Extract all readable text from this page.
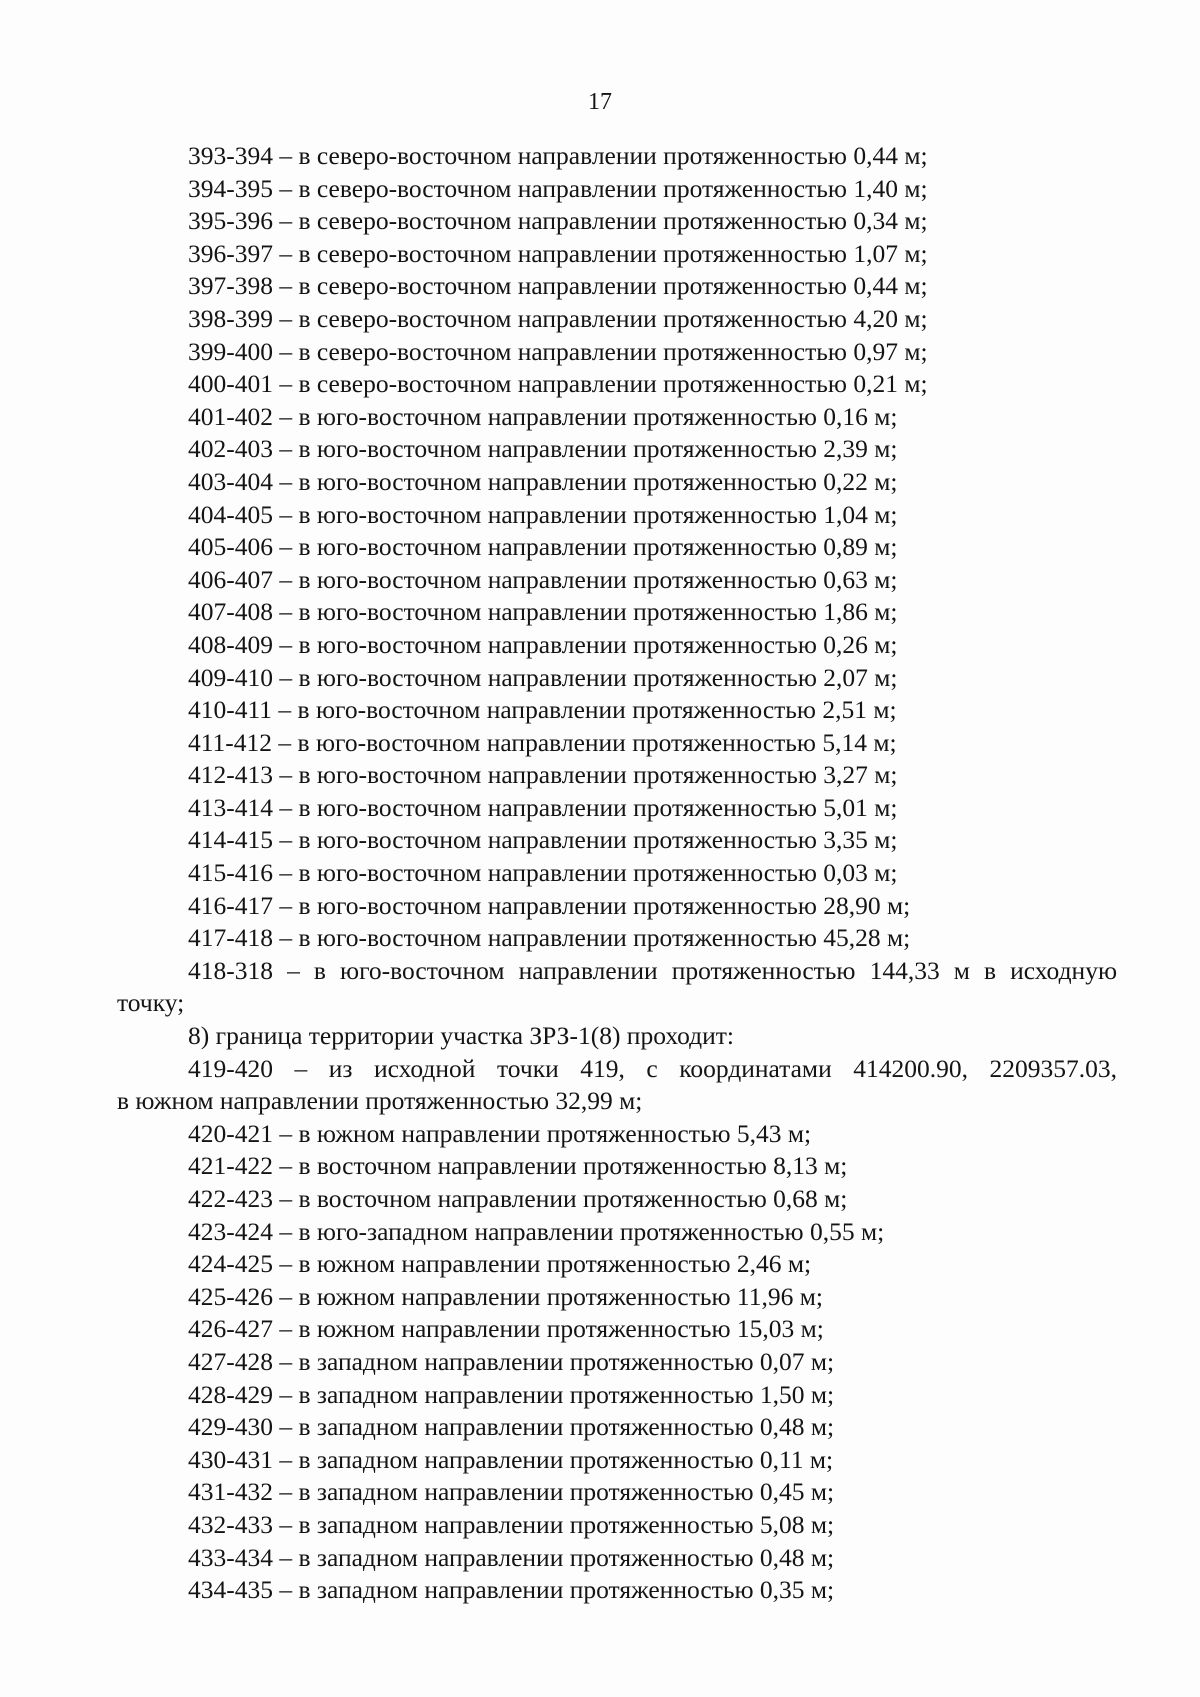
17
393-394 – в северо-восточном направлении протяженностью 0,44 м;
394-395 – в северо-восточном направлении протяженностью 1,40 м;
395-396 – в северо-восточном направлении протяженностью 0,34 м;
396-397 – в северо-восточном направлении протяженностью 1,07 м;
397-398 – в северо-восточном направлении протяженностью 0,44 м;
398-399 – в северо-восточном направлении протяженностью 4,20 м;
399-400 – в северо-восточном направлении протяженностью 0,97 м;
400-401 – в северо-восточном направлении протяженностью 0,21 м;
401-402 – в юго-восточном направлении протяженностью 0,16 м;
402-403 – в юго-восточном направлении протяженностью 2,39 м;
403-404 – в юго-восточном направлении протяженностью 0,22 м;
404-405 – в юго-восточном направлении протяженностью 1,04 м;
405-406 – в юго-восточном направлении протяженностью 0,89 м;
406-407 – в юго-восточном направлении протяженностью 0,63 м;
407-408 – в юго-восточном направлении протяженностью 1,86 м;
408-409 – в юго-восточном направлении протяженностью 0,26 м;
409-410 – в юго-восточном направлении протяженностью 2,07 м;
410-411 – в юго-восточном направлении протяженностью 2,51 м;
411-412 – в юго-восточном направлении протяженностью 5,14 м;
412-413 – в юго-восточном направлении протяженностью 3,27 м;
413-414 – в юго-восточном направлении протяженностью 5,01 м;
414-415 – в юго-восточном направлении протяженностью 3,35 м;
415-416 – в юго-восточном направлении протяженностью 0,03 м;
416-417 – в юго-восточном направлении протяженностью 28,90 м;
417-418 – в юго-восточном направлении протяженностью 45,28 м;
418-318 – в юго-восточном направлении протяженностью 144,33 м в исходную
точку;
8) граница территории участка ЗРЗ-1(8) проходит:
419-420 – из исходной точки 419, с координатами 414200.90, 2209357.03,
в южном направлении протяженностью 32,99 м;
420-421 – в южном направлении протяженностью 5,43 м;
421-422 – в восточном направлении протяженностью 8,13 м;
422-423 – в восточном направлении протяженностью 0,68 м;
423-424 – в юго-западном направлении протяженностью 0,55 м;
424-425 – в южном направлении протяженностью 2,46 м;
425-426 – в южном направлении протяженностью 11,96 м;
426-427 – в южном направлении протяженностью 15,03 м;
427-428 – в западном направлении протяженностью 0,07 м;
428-429 – в западном направлении протяженностью 1,50 м;
429-430 – в западном направлении протяженностью 0,48 м;
430-431 – в западном направлении протяженностью 0,11 м;
431-432 – в западном направлении протяженностью 0,45 м;
432-433 – в западном направлении протяженностью 5,08 м;
433-434 – в западном направлении протяженностью 0,48 м;
434-435 – в западном направлении протяженностью 0,35 м;
